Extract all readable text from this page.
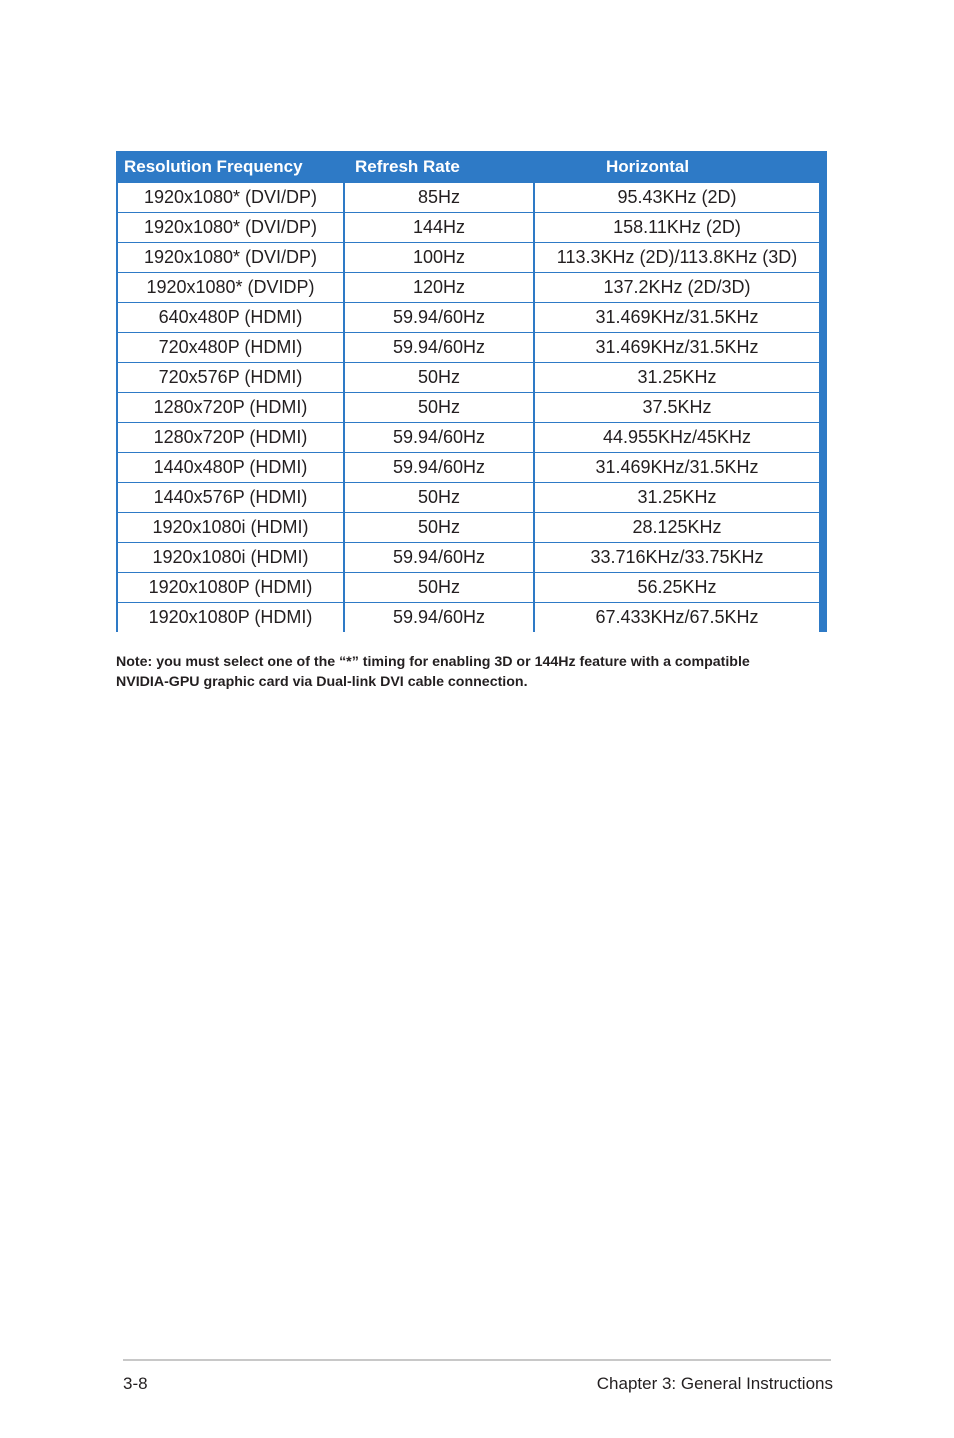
Resolution Frequency	Refresh Rate	Horizontal
1920x1080* (DVI/DP)	85Hz	95.43KHz (2D)
1920x1080* (DVI/DP)	144Hz	158.11KHz (2D)
1920x1080* (DVI/DP)	100Hz	113.3KHz (2D)/113.8KHz (3D)
1920x1080* (DVIDP)	120Hz	137.2KHz (2D/3D)
640x480P (HDMI)	59.94/60Hz	31.469KHz/31.5KHz
720x480P (HDMI)	59.94/60Hz	31.469KHz/31.5KHz
720x576P (HDMI)	50Hz	31.25KHz
1280x720P (HDMI)	50Hz	37.5KHz
1280x720P (HDMI)	59.94/60Hz	44.955KHz/45KHz
1440x480P (HDMI)	59.94/60Hz	31.469KHz/31.5KHz
1440x576P (HDMI)	50Hz	31.25KHz
1920x1080i (HDMI)	50Hz	28.125KHz
1920x1080i (HDMI)	59.94/60Hz	33.716KHz/33.75KHz
1920x1080P (HDMI)	50Hz	56.25KHz
1920x1080P (HDMI)	59.94/60Hz	67.433KHz/67.5KHz
Note: you must select one of the “*” timing for enabling 3D or 144Hz feature with a compatible
NVIDIA-GPU graphic card via Dual-link DVI cable connection.
3-8	Chapter 3: General Instructions
